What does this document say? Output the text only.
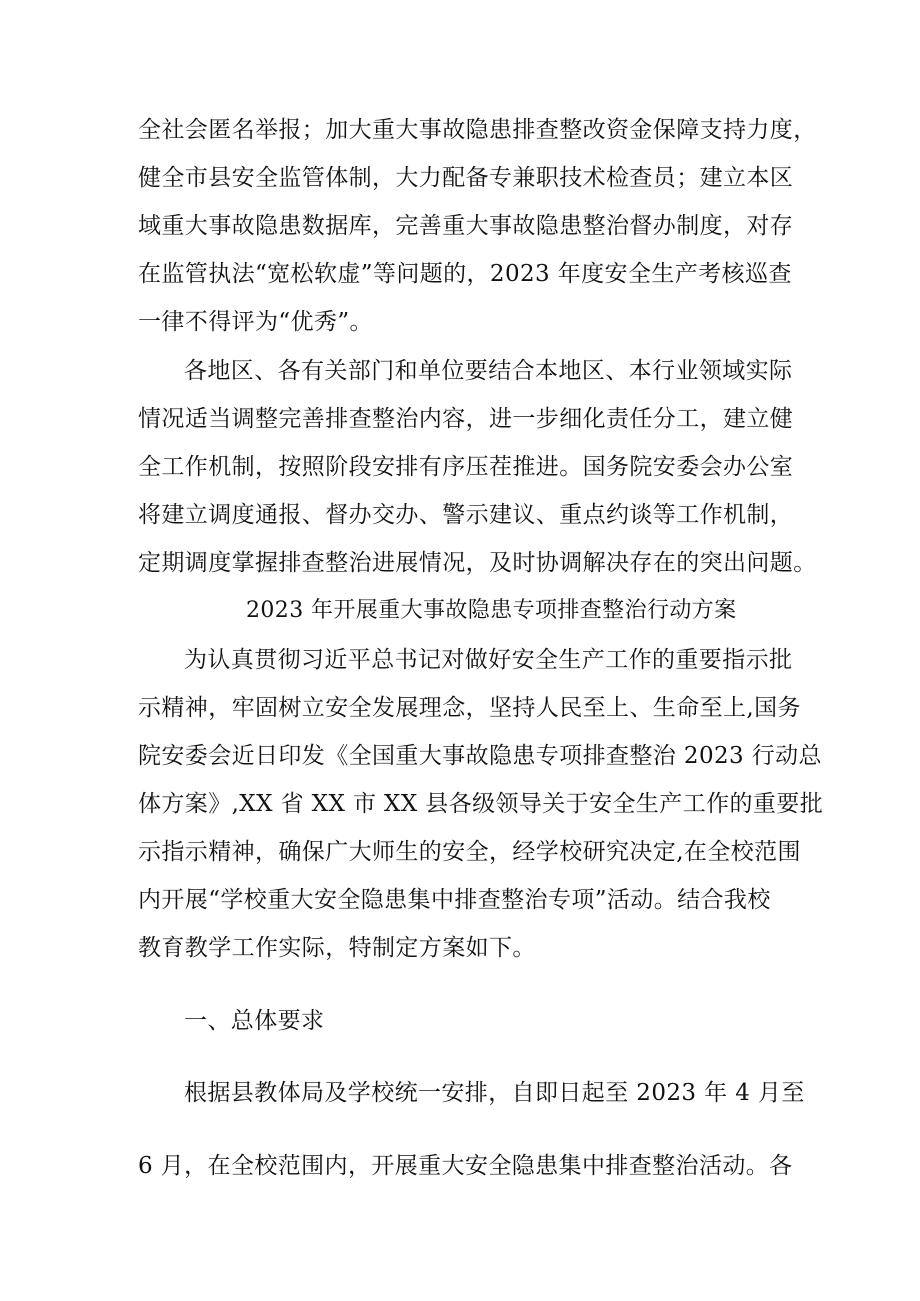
全社会匿名举报；加大重大事故隐患排查整改资金保障支持力度，
健全市县安全监管体制，大力配备专兼职技术检查员；建立本区
域重大事故隐患数据库，完善重大事故隐患整治督办制度，对存
在监管执法“宽松软虚”等问题的，2023 年度安全生产考核巡查
一律不得评为“优秀”。
各地区、各有关部门和单位要结合本地区、本行业领域实际
情况适当调整完善排查整治内容，进一步细化责任分工，建立健
全工作机制，按照阶段安排有序压茬推进。国务院安委会办公室
将建立调度通报、督办交办、警示建议、重点约谈等工作机制，
定期调度掌握排查整治进展情况，及时协调解决存在的突出问题。
2023 年开展重大事故隐患专项排查整治行动方案
为认真贯彻习近平总书记对做好安全生产工作的重要指示批
示精神，牢固树立安全发展理念，坚持人民至上、生命至上,国务
院安委会近日印发《全国重大事故隐患专项排查整治 2023 行动总
体方案》,XX 省 XX 市 XX 县各级领导关于安全生产工作的重要批
示指示精神，确保广大师生的安全，经学校研究决定,在全校范围
内开展“学校重大安全隐患集中排查整治专项”活动。结合我校
教育教学工作实际，特制定方案如下。
一、总体要求
根据县教体局及学校统一安排，自即日起至 2023 年 4 月至
6 月，在全校范围内，开展重大安全隐患集中排查整治活动。各
